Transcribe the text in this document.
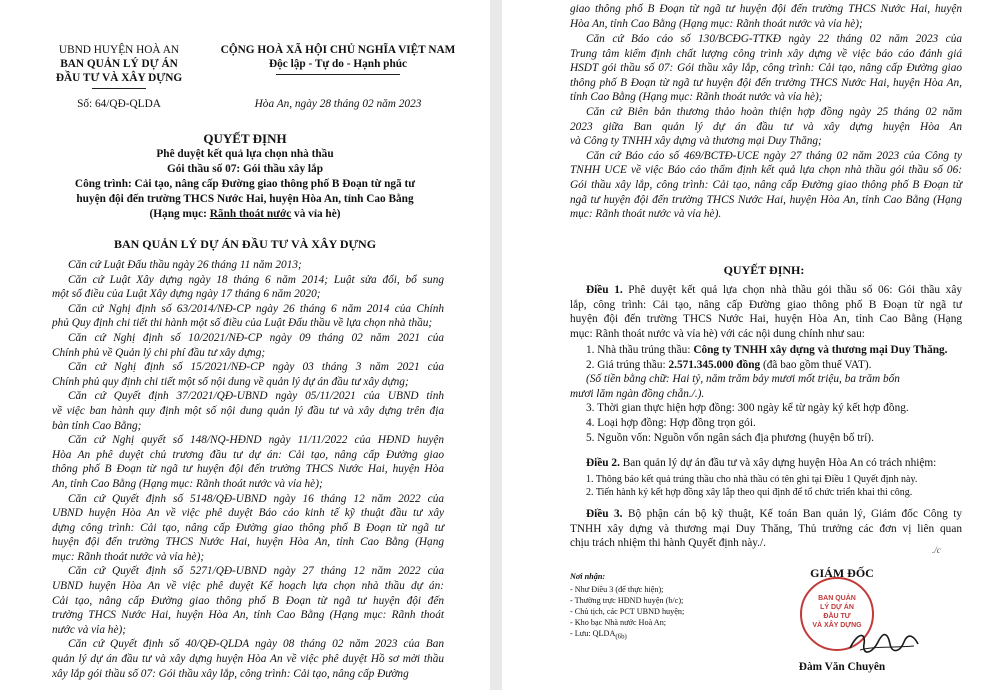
UBND HUYỆN HOÀ AN
BAN QUẢN LÝ DỰ ÁN
ĐẦU TƯ VÀ XÂY DỰNG
Số: 64/QĐ-QLDA
CỘNG HOÀ XÃ HỘI CHỦ NGHĨA VIỆT NAM
Độc lập - Tự do - Hạnh phúc
Hòa An, ngày 28 tháng 02 năm 2023
QUYẾT ĐỊNH
Phê duyệt kết quả lựa chọn nhà thầu
Gói thầu số 07: Gói thầu xây lắp
Công trình: Cải tạo, nâng cấp Đường giao thông phố B Đoạn từ ngã tư
huyện đội đến trường THCS Nước Hai, huyện Hòa An, tỉnh Cao Bằng
(Hạng mục: Rãnh thoát nước và vỉa hè)
BAN QUẢN LÝ DỰ ÁN ĐẦU TƯ VÀ XÂY DỰNG
Căn cứ Luật Đấu thầu ngày 26 tháng 11 năm 2013;
Căn cứ Luật Xây dựng ngày 18 tháng 6 năm 2014; Luật sửa đổi, bổ sung
một số điều của Luật Xây dựng ngày 17 tháng 6 năm 2020;
Căn cứ Nghị định số 63/2014/NĐ-CP ngày 26 tháng 6 năm 2014 của Chính
phủ Quy định chi tiết thi hành một số điều của Luật Đấu thầu về lựa chọn nhà thầu;
Căn cứ Nghị định số 10/2021/NĐ-CP ngày 09 tháng 02 năm 2021 của
Chính phủ về Quản lý chi phí đầu tư xây dựng;
Căn cứ Nghị định số 15/2021/NĐ-CP ngày 03 tháng 3 năm 2021 của
Chính phủ quy định chi tiết một số nội dung về quản lý dự án đầu tư xây dựng;
Căn cứ Quyết định 37/2021/QĐ-UBND ngày 05/11/2021 của UBND tỉnh
về việc ban hành quy định một số nội dung quản lý đầu tư và xây dựng trên địa
bàn tỉnh Cao Bằng;
Căn cứ Nghị quyết số 148/NQ-HĐND ngày 11/11/2022 của HĐND huyện
Hòa An phê duyệt chủ trương đầu tư dự án: Cải tạo, nâng cấp Đường giao
thông phố B Đoạn từ ngã tư huyện đội đến trường THCS Nước Hai, huyện Hòa
An, tỉnh Cao Bằng (Hạng mục: Rãnh thoát nước và vỉa hè);
Căn cứ Quyết định số 5148/QĐ-UBND ngày 16 tháng 12 năm 2022 của
UBND huyện Hòa An về việc phê duyệt Báo cáo kinh tế kỹ thuật đầu tư xây
dựng công trình: Cải tạo, nâng cấp Đường giao thông phố B Đoạn từ ngã tư
huyện đội đến trường THCS Nước Hai, huyện Hòa An, tỉnh Cao Bằng (Hạng
mục: Rãnh thoát nước và vỉa hè);
Căn cứ Quyết định số 5271/QĐ-UBND ngày 27 tháng 12 năm 2022 của
UBND huyện Hòa An về việc phê duyệt Kế hoạch lựa chọn nhà thầu dự án:
Cải tạo, nâng cấp Đường giao thông phố B Đoạn từ ngã tư huyện đội đến
trường THCS Nước Hai, huyện Hòa An, tỉnh Cao Bằng (Hạng mục: Rãnh thoát
nước và vỉa hè);
Căn cứ Quyết định số 40/QĐ-QLDA ngày 08 tháng 02 năm 2023 của Ban
quản lý dự án đầu tư và xây dựng huyện Hòa An về việc phê duyệt Hồ sơ mời thầu
xây lắp gói thầu số 07: Gói thầu xây lắp, công trình: Cải tạo, nâng cấp Đường
giao thông phố B Đoạn từ ngã tư huyện đội đến trường THCS Nước Hai, huyện
Hòa An, tỉnh Cao Bằng (Hạng mục: Rãnh thoát nước và vỉa hè);
Căn cứ Báo cáo số 130/BCĐG-TTKĐ ngày 22 tháng 02 năm 2023 của
Trung tâm kiểm định chất lượng công trình xây dựng về việc báo cáo đánh giá
HSDT gói thầu số 07: Gói thầu xây lắp, công trình: Cải tạo, nâng cấp Đường giao
thông phố B Đoạn từ ngã tư huyện đội đến trường THCS Nước Hai, huyện Hòa An,
tỉnh Cao Bằng (Hạng mục: Rãnh thoát nước và vỉa hè);
Căn cứ Biên bản thương thảo hoàn thiện hợp đồng ngày 25 tháng 02 năm
2023 giữa Ban quản lý dự án đầu tư và xây dựng huyện Hòa An
và Công ty TNHH xây dựng và thương mại Duy Thăng;
Căn cứ Báo cáo số 469/BCTĐ-UCE ngày 27 tháng 02 năm 2023 của Công ty
TNHH UCE về việc Báo cáo thẩm định kết quả lựa chọn nhà thầu gói thầu số 06:
Gói thầu xây lắp, công trình: Cải tạo, nâng cấp Đường giao thông phố B Đoạn từ
ngã tư huyện đội đến trường THCS Nước Hai, huyện Hòa An, tỉnh Cao Bằng (Hạng
mục: Rãnh thoát nước và vỉa hè).
QUYẾT ĐỊNH:
Điều 1. Phê duyệt kết quả lựa chọn nhà thầu gói thầu số 06: Gói thầu xây
lắp, công trình: Cải tạo, nâng cấp Đường giao thông phố B Đoạn từ ngã tư
huyện đội đến trường THCS Nước Hai, huyện Hòa An, tỉnh Cao Bằng (Hạng
mục: Rãnh thoát nước và vỉa hè) với các nội dung chính như sau:
1. Nhà thầu trúng thầu: Công ty TNHH xây dựng và thương mại Duy Thăng.
2. Giá trúng thầu: 2.571.345.000 đồng (đã bao gồm thuế VAT).
(Số tiền bằng chữ: Hai tỷ, năm trăm bảy mươi mốt triệu, ba trăm bốn
mươi lăm ngàn đồng chẵn./.).
3. Thời gian thực hiện hợp đồng: 300 ngày kể từ ngày ký kết hợp đồng.
4. Loại hợp đồng: Hợp đồng trọn gói.
5. Nguồn vốn: Nguồn vốn ngân sách địa phương (huyện bố trí).
Điều 2. Ban quản lý dự án đầu tư và xây dựng huyện Hòa An có trách nhiệm:
1. Thông báo kết quả trúng thầu cho nhà thầu có tên ghi tại Điều 1 Quyết định này.
2. Tiến hành ký kết hợp đồng xây lắp theo qui định để tổ chức triển khai thi công.
Điều 3. Bộ phận cán bộ kỹ thuật, Kế toán Ban quản lý, Giám đốc Công ty
TNHH xây dựng và thương mại Duy Thăng, Thủ trưởng các đơn vị liên quan
chịu trách nhiệm thi hành Quyết định này./.
Nơi nhận:
- Như Điều 3 (để thực hiện);
- Thường trực HĐND huyện (b/c);
- Chủ tịch, các PCT UBND huyện;
- Kho bạc Nhà nước Hoà An;
- Lưu: $QLDA_{(6b)}$
GIÁM ĐỐC
Đàm Văn Chuyên
./c
BAN QUẢN
LÝ DỰ ÁN
ĐẦU TƯ
VÀ XÂY DỰNG
